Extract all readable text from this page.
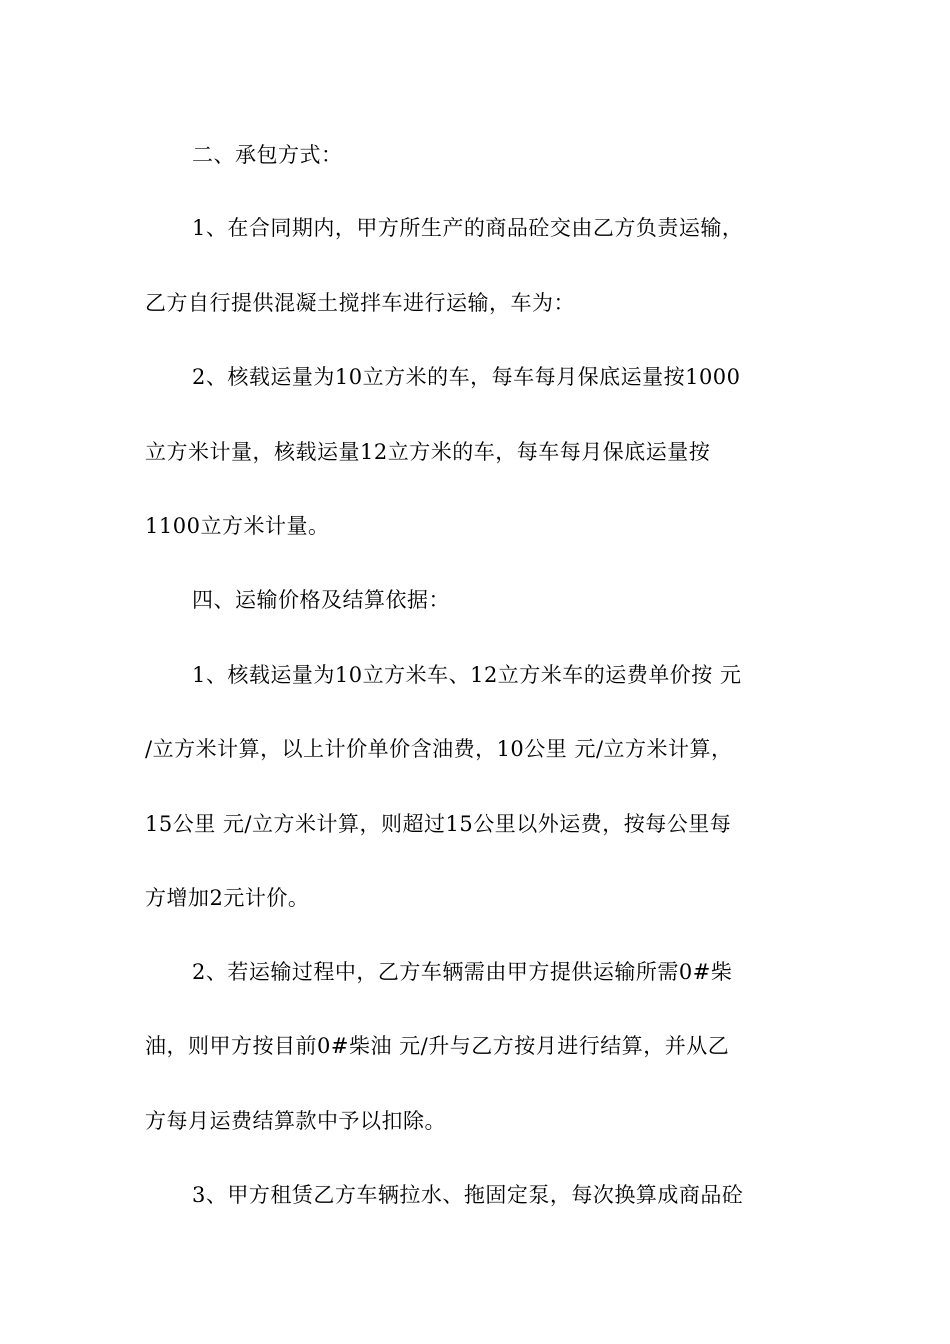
二、承包方式：
1、在合同期内，甲方所生产的商品砼交由乙方负责运输，
乙方自行提供混凝土搅拌车进行运输，车为：
2、核载运量为10立方米的车，每车每月保底运量按1000
立方米计量，核载运量12立方米的车，每车每月保底运量按
1100立方米计量。
四、运输价格及结算依据：
1、核载运量为10立方米车、12立方米车的运费单价按 元
/立方米计算，以上计价单价含油费，10公里 元/立方米计算，
15公里 元/立方米计算，则超过15公里以外运费，按每公里每
方增加2元计价。
2、若运输过程中，乙方车辆需由甲方提供运输所需0#柴
油，则甲方按目前0#柴油 元/升与乙方按月进行结算，并从乙
方每月运费结算款中予以扣除。
3、甲方租赁乙方车辆拉水、拖固定泵，每次换算成商品砼
